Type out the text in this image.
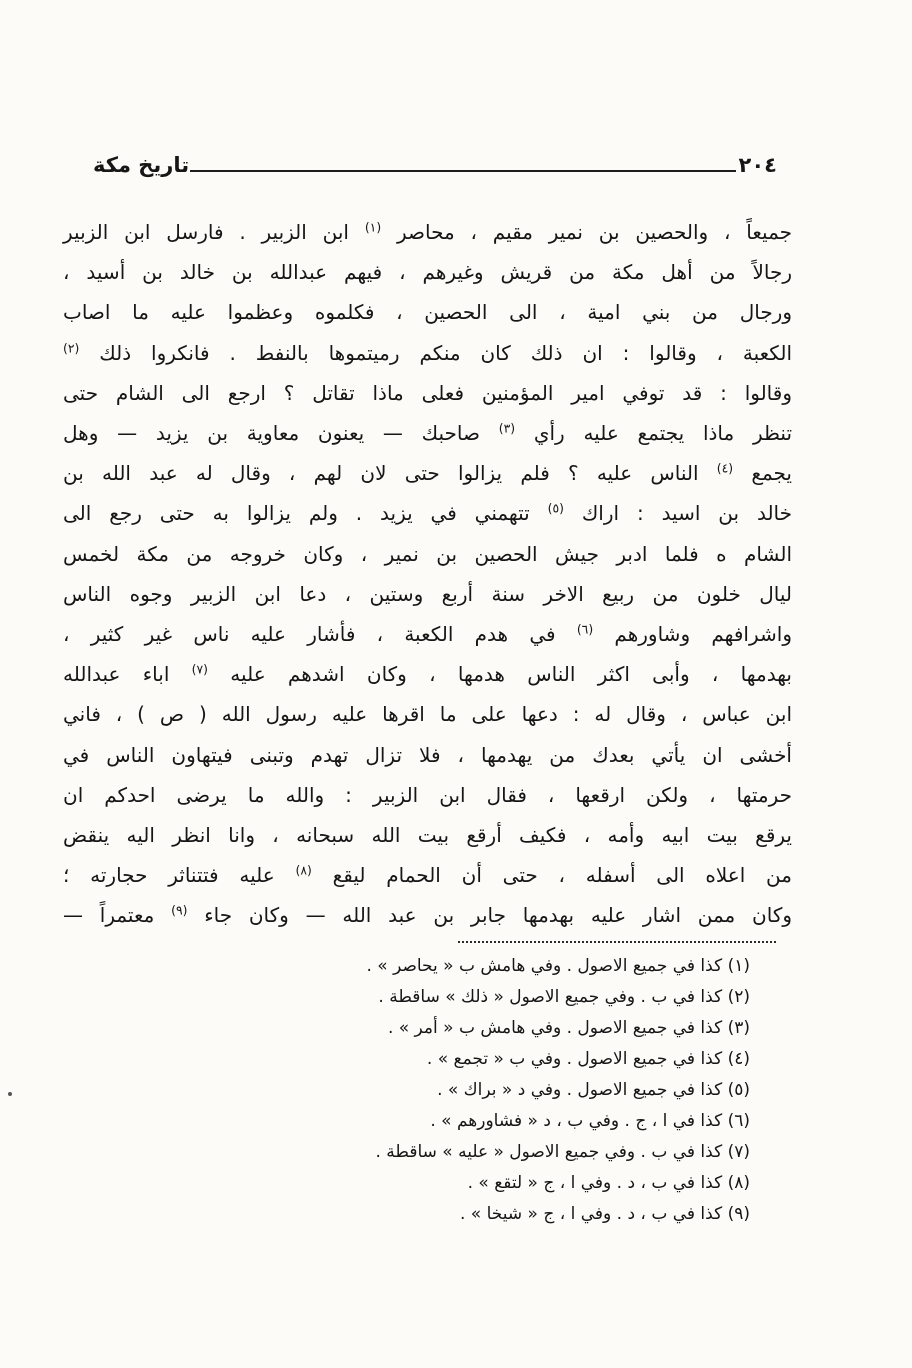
تاريخ مكة	٢٠٤

جميعاً ، والحصين بن نمير مقيم ، محاصر $^{(١)}$ ابن الزبير . فارسل ابن الزبير

رجالاً من أهل مكة من قريش وغيرهم ، فيهم عبدالله بن خالد بن أسيد ،

ورجال من بني امية ، الى الحصين ، فكلموه وعظموا عليه ما اصاب

الكعبة ، وقالوا : ان ذلك كان منكم رميتموها بالنفط . فانكروا ذلك $^{(٢)}$

وقالوا : قد توفي امير المؤمنين فعلى ماذا تقاتل ؟ ارجع الى الشام حتى

تنظر ماذا يجتمع عليه رأي $^{(٣)}$ صاحبك — يعنون معاوية بن يزيد — وهل

يجمع $^{(٤)}$ الناس عليه ؟ فلم يزالوا حتى لان لهم ، وقال له عبد الله بن

خالد بن اسيد : اراك $^{(٥)}$ تتهمني في يزيد . ولم يزالوا به حتى رجع الى

الشام ه فلما ادبر جيش الحصين بن نمير ، وكان خروجه من مكة لخمس

ليال خلون من ربيع الاخر سنة أربع وستين ، دعا ابن الزبير وجوه الناس

واشرافهم وشاورهم $^{(٦)}$ في هدم الكعبة ، فأشار عليه ناس غير كثير ،

بهدمها ، وأبى اكثر الناس هدمها ، وكان اشدهم عليه $^{(٧)}$ اباء عبدالله

ابن عباس ، وقال له : دعها على ما اقرها عليه رسول الله ( ص ) ، فاني

أخشى ان يأتي بعدك من يهدمها ، فلا تزال تهدم وتبنى فيتهاون الناس في

حرمتها ، ولكن ارقعها ، فقال ابن الزبير : والله ما يرضى احدكم ان

يرقع بيت ابيه وأمه ، فكيف أرقع بيت الله سبحانه ، وانا انظر اليه ينقض

من اعلاه الى أسفله ، حتى أن الحمام ليقع $^{(٨)}$ عليه فتتناثر حجارته ؛

وكان ممن اشار عليه بهدمها جابر بن عبد الله — وكان جاء $^{(٩)}$ معتمراً —

(١) كذا في جميع الاصول . وفي هامش ب « يحاصر » .

(٢) كذا في ب . وفي جميع الاصول « ذلك » ساقطة .

(٣) كذا في جميع الاصول . وفي هامش ب « أمر » .

(٤) كذا في جميع الاصول . وفي ب « تجمع » .

(٥) كذا في جميع الاصول . وفي د « براك » .

(٦) كذا في ا ، ج . وفي ب ، د « فشاورهم » .

(٧) كذا في ب . وفي جميع الاصول « عليه » ساقطة .

(٨) كذا في ب ، د . وفي ا ، ج « لتقع » .

(٩) كذا في ب ، د . وفي ا ، ج « شيخا » .
